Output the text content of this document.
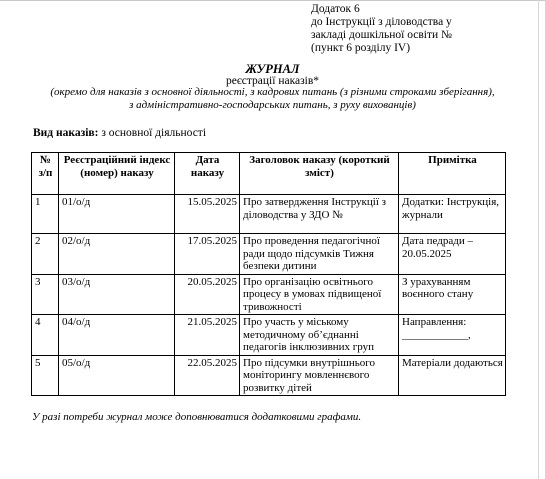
Додаток 6
до Інструкції з діловодства у
закладі дошкільної освіти №
(пункт 6 розділу IV)
ЖУРНАЛ
реєстрації наказів*
(окремо для наказів з основної діяльності, з кадрових питань (з різними строками зберігання), з адміністративно-господарських питань, з руху вихованців)
Вид наказів: з основної діяльності
№ з/п	Реєстраційний індекс (номер) наказу	Дата наказу	Заголовок наказу (короткий зміст)	Примітка
1	01/о/д	15.05.2025	Про затвердження Інструкції з діловодства у ЗДО №	Додатки: Інструкція, журнали
2	02/о/д	17.05.2025	Про проведення педагогічної ради щодо підсумків Тижня безпеки дитини	Дата педради – 20.05.2025
3	03/о/д	20.05.2025	Про організацію освітнього процесу в умовах підвищеної тривожності	З урахуванням воєнного стану
4	04/о/д	21.05.2025	Про участь у міському методичному об’єднанні педагогів інклюзивних груп	Направлення: ____________,
5	05/о/д	22.05.2025	Про підсумки внутрішнього моніторингу мовленнєвого розвитку дітей	Матеріали додаються
У разі потреби журнал може доповнюватися додатковими графами.
